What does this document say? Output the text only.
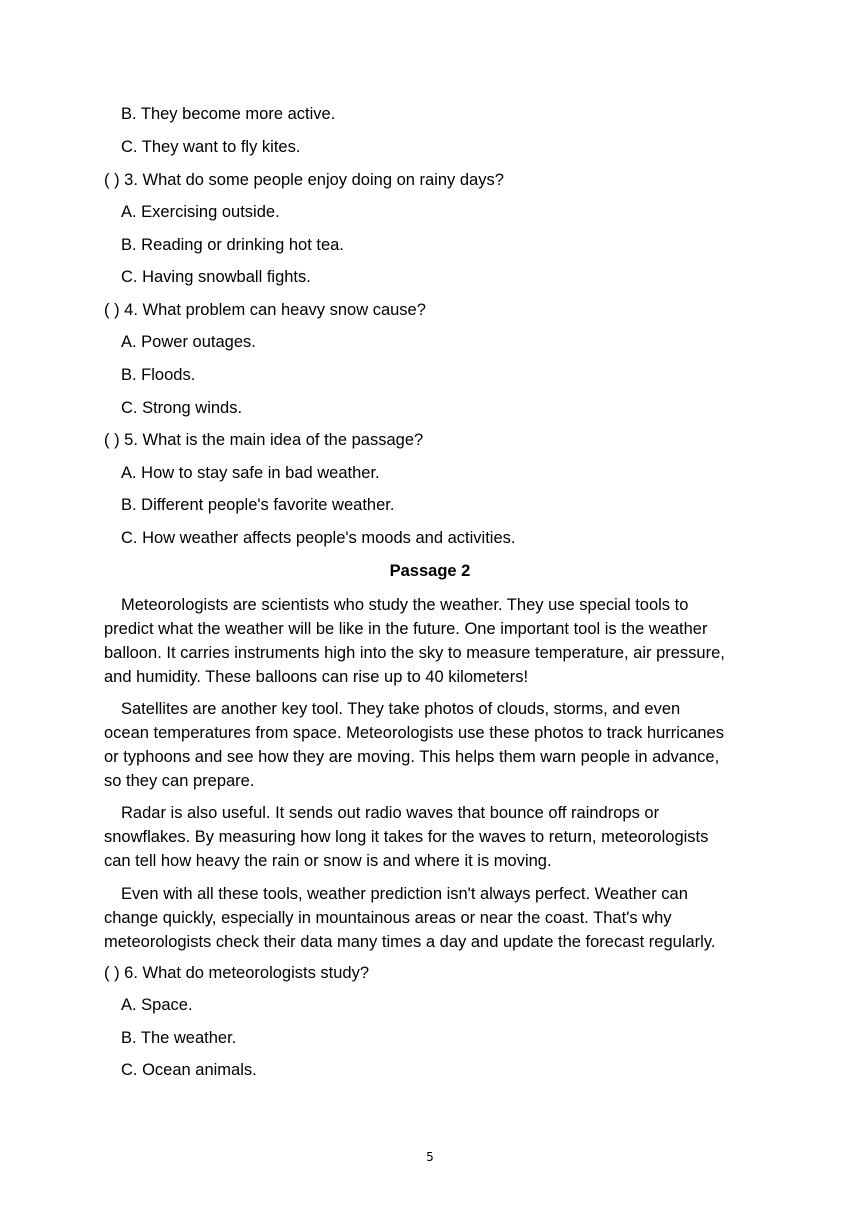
B. They become more active.
C. They want to fly kites.
( ) 3. What do some people enjoy doing on rainy days?
A. Exercising outside.
B. Reading or drinking hot tea.
C. Having snowball fights.
( ) 4. What problem can heavy snow cause?
A. Power outages.
B. Floods.
C. Strong winds.
( ) 5. What is the main idea of the passage?
A. How to stay safe in bad weather.
B. Different people's favorite weather.
C. How weather affects people's moods and activities.
Passage 2
Meteorologists are scientists who study the weather. They use special tools to
predict what the weather will be like in the future. One important tool is the weather
balloon. It carries instruments high into the sky to measure temperature, air pressure,
and humidity. These balloons can rise up to 40 kilometers!
Satellites are another key tool. They take photos of clouds, storms, and even
ocean temperatures from space. Meteorologists use these photos to track hurricanes
or typhoons and see how they are moving. This helps them warn people in advance,
so they can prepare.
Radar is also useful. It sends out radio waves that bounce off raindrops or
snowflakes. By measuring how long it takes for the waves to return, meteorologists
can tell how heavy the rain or snow is and where it is moving.
Even with all these tools, weather prediction isn't always perfect. Weather can
change quickly, especially in mountainous areas or near the coast. That's why
meteorologists check their data many times a day and update the forecast regularly.
( ) 6. What do meteorologists study?
A. Space.
B. The weather.
C. Ocean animals.
5
